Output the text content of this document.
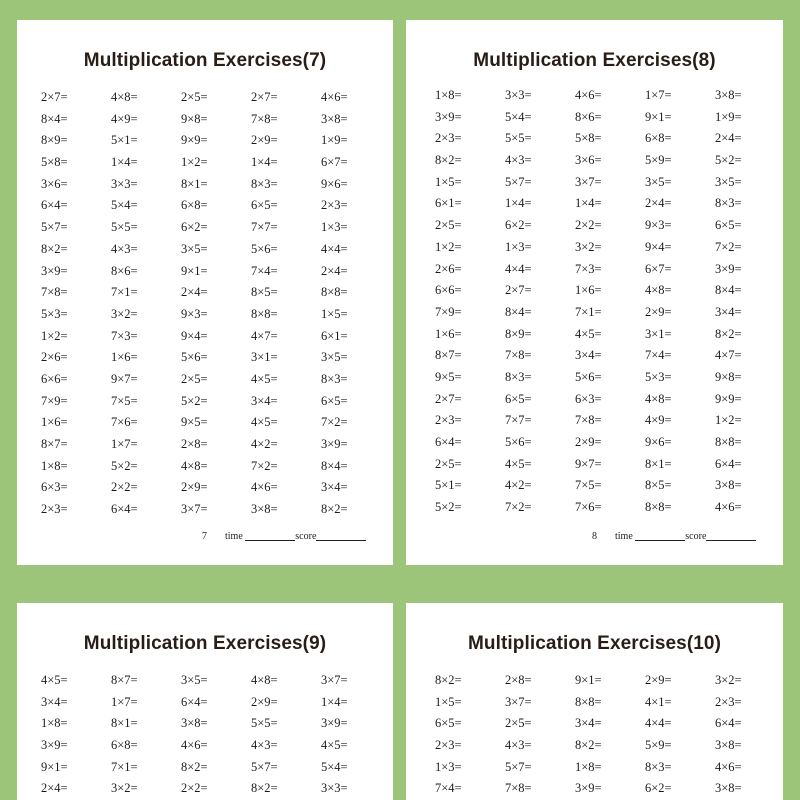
Multiplication Exercises(7)
2×7=	4×8=	2×5=	2×7=	4×6=
8×4=	4×9=	9×8=	7×8=	3×8=
8×9=	5×1=	9×9=	2×9=	1×9=
5×8=	1×4=	1×2=	1×4=	6×7=
3×6=	3×3=	8×1=	8×3=	9×6=
6×4=	5×4=	6×8=	6×5=	2×3=
5×7=	5×5=	6×2=	7×7=	1×3=
8×2=	4×3=	3×5=	5×6=	4×4=
3×9=	8×6=	9×1=	7×4=	2×4=
7×8=	7×1=	2×4=	8×5=	8×8=
5×3=	3×2=	9×3=	8×8=	1×5=
1×2=	7×3=	9×4=	4×7=	6×1=
2×6=	1×6=	5×6=	3×1=	3×5=
6×6=	9×7=	2×5=	4×5=	8×3=
7×9=	7×5=	5×2=	3×4=	6×5=
1×6=	7×6=	9×5=	4×5=	7×2=
8×7=	1×7=	2×8=	4×2=	3×9=
1×8=	5×2=	4×8=	7×2=	8×4=
6×3=	2×2=	2×9=	4×6=	3×4=
2×3=	6×4=	3×7=	3×8=	8×2=
7 time	score
Multiplication Exercises(8)
1×8=	3×3=	4×6=	1×7=	3×8=
3×9=	5×4=	8×6=	9×1=	1×9=
2×3=	5×5=	5×8=	6×8=	2×4=
8×2=	4×3=	3×6=	5×9=	5×2=
1×5=	5×7=	3×7=	3×5=	3×5=
6×1=	1×4=	1×4=	2×4=	8×3=
2×5=	6×2=	2×2=	9×3=	6×5=
1×2=	1×3=	3×2=	9×4=	7×2=
2×6=	4×4=	7×3=	6×7=	3×9=
6×6=	2×7=	1×6=	4×8=	8×4=
7×9=	8×4=	7×1=	2×9=	3×4=
1×6=	8×9=	4×5=	3×1=	8×2=
8×7=	7×8=	3×4=	7×4=	4×7=
9×5=	8×3=	5×6=	5×3=	9×8=
2×7=	6×5=	6×3=	4×8=	9×9=
2×3=	7×7=	7×8=	4×9=	1×2=
6×4=	5×6=	2×9=	9×6=	8×8=
2×5=	4×5=	9×7=	8×1=	6×4=
5×1=	4×2=	7×5=	8×5=	3×8=
5×2=	7×2=	7×6=	8×8=	4×6=
8 time	score
Multiplication Exercises(9)
4×5=	8×7=	3×5=	4×8=	3×7=
3×4=	1×7=	6×4=	2×9=	1×4=
1×8=	8×1=	3×8=	5×5=	3×9=
3×9=	6×8=	4×6=	4×3=	4×5=
9×1=	7×1=	8×2=	5×7=	5×4=
2×4=	3×2=	2×2=	8×2=	3×3=
Multiplication Exercises(10)
8×2=	2×8=	9×1=	2×9=	3×2=
1×5=	3×7=	8×8=	4×1=	2×3=
6×5=	2×5=	3×4=	4×4=	6×4=
2×3=	4×3=	8×2=	5×9=	3×8=
1×3=	5×7=	1×8=	8×3=	4×6=
7×4=	7×8=	3×9=	6×2=	3×8=
